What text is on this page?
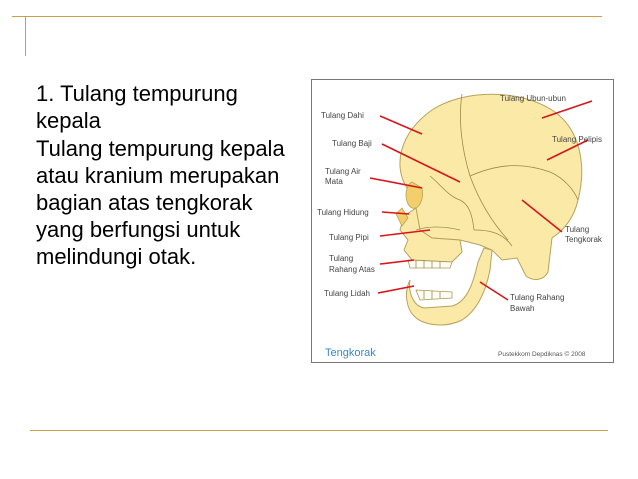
1. Tulang tempurung kepala

Tulang tempurung kepala atau kranium merupakan bagian atas tengkorak yang berfungsi untuk melindungi otak.

Tulang Dahi
Tulang Ubun-ubun
Tulang Baji	Tulang Pelipis
Tulang Air
Mata
Tulang Hidung
Tulang Pipi
Tulang
Tengkorak
Tulang
Rahang Atas
Tulang Lidah	Tulang Rahang
Bawah
Tengkorak	Pustekkom Depdiknas © 2008
